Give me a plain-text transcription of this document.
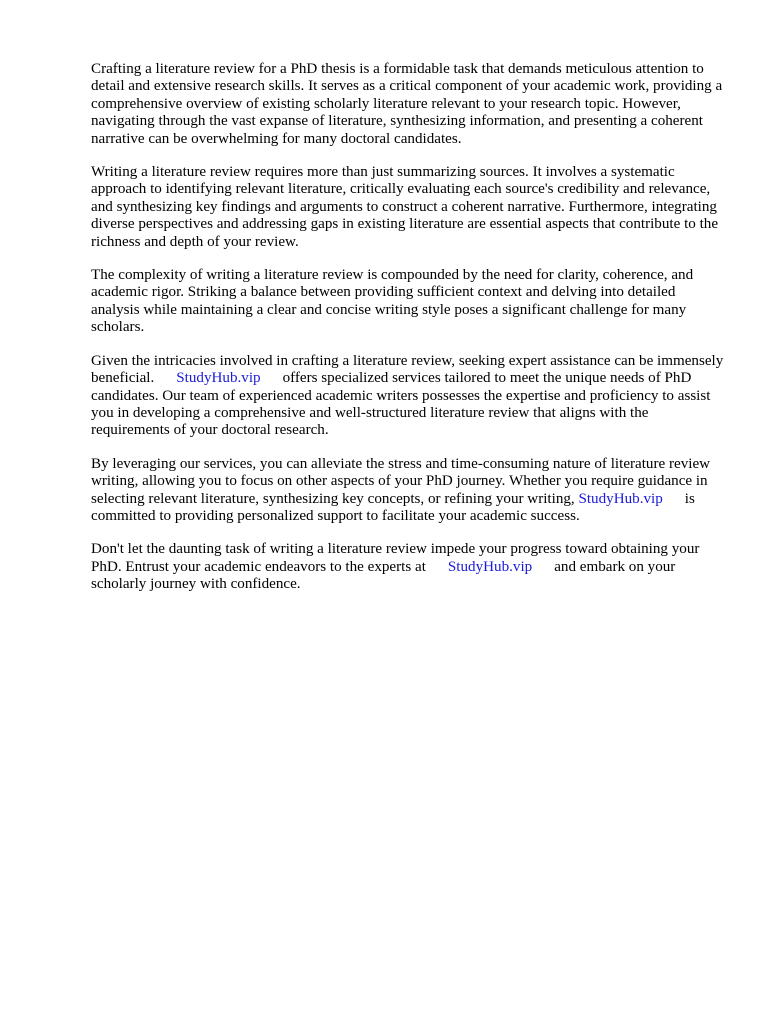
Crafting a literature review for a PhD thesis is a formidable task that demands meticulous attention to detail and extensive research skills. It serves as a critical component of your academic work, providing a comprehensive overview of existing scholarly literature relevant to your research topic. However, navigating through the vast expanse of literature, synthesizing information, and presenting a coherent narrative can be overwhelming for many doctoral candidates.

Writing a literature review requires more than just summarizing sources. It involves a systematic approach to identifying relevant literature, critically evaluating each source's credibility and relevance, and synthesizing key findings and arguments to construct a coherent narrative. Furthermore, integrating diverse perspectives and addressing gaps in existing literature are essential aspects that contribute to the richness and depth of your review.

The complexity of writing a literature review is compounded by the need for clarity, coherence, and academic rigor. Striking a balance between providing sufficient context and delving into detailed analysis while maintaining a clear and concise writing style poses a significant challenge for many scholars.

Given the intricacies involved in crafting a literature review, seeking expert assistance can be immensely beneficial. StudyHub.vip offers specialized services tailored to meet the unique needs of PhD candidates. Our team of experienced academic writers possesses the expertise and proficiency to assist you in developing a comprehensive and well-structured literature review that aligns with the requirements of your doctoral research.

By leveraging our services, you can alleviate the stress and time-consuming nature of literature review writing, allowing you to focus on other aspects of your PhD journey. Whether you require guidance in selecting relevant literature, synthesizing key concepts, or refining your writing, StudyHub.vip is committed to providing personalized support to facilitate your academic success.

Don't let the daunting task of writing a literature review impede your progress toward obtaining your PhD. Entrust your academic endeavors to the experts at StudyHub.vip and embark on your scholarly journey with confidence.
